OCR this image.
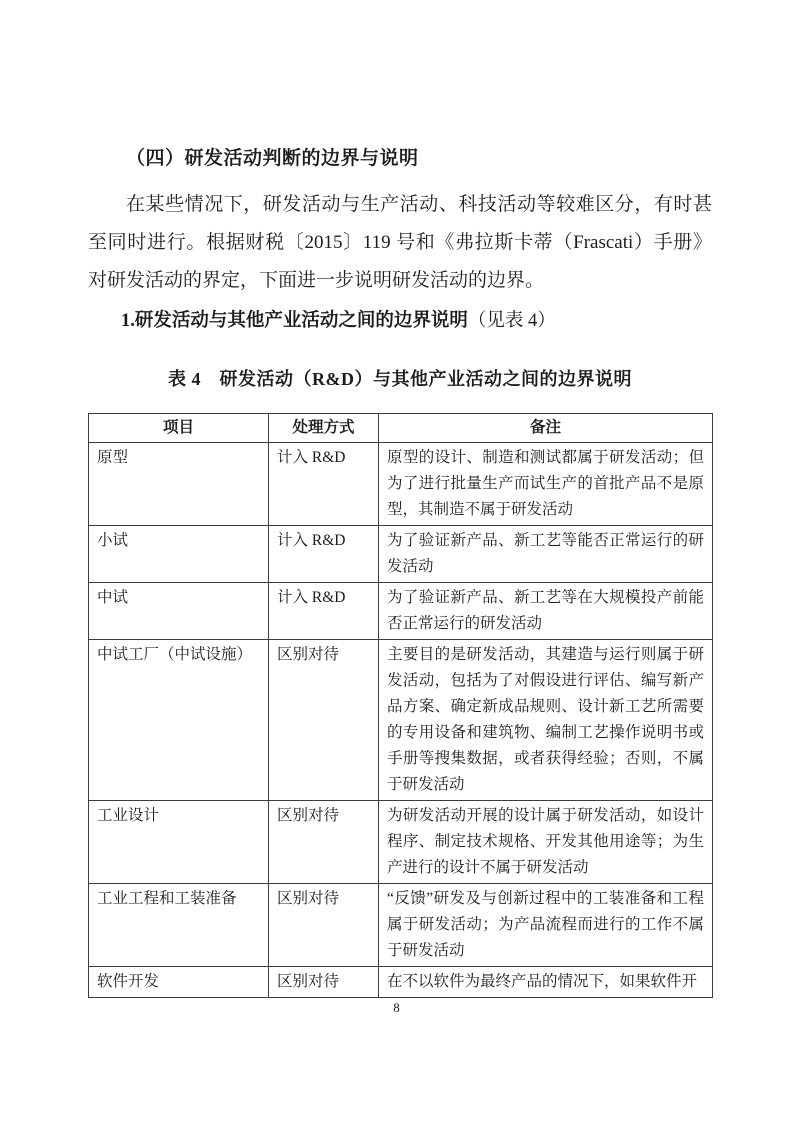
（四）研发活动判断的边界与说明

在某些情况下，研发活动与生产活动、科技活动等较难区分，有时甚至同时进行。根据财税〔2015〕119 号和《弗拉斯卡蒂（Frascati）手册》对研发活动的界定，下面进一步说明研发活动的边界。

1.研发活动与其他产业活动之间的边界说明（见表 4）

表 4　研发活动（R&D）与其他产业活动之间的边界说明
项目	处理方式	备注
原型	计入 R&D	原型的设计、制造和测试都属于研发活动；但为了进行批量生产而试生产的首批产品不是原型，其制造不属于研发活动
小试	计入 R&D	为了验证新产品、新工艺等能否正常运行的研发活动
中试	计入 R&D	为了验证新产品、新工艺等在大规模投产前能否正常运行的研发活动
中试工厂（中试设施）	区别对待	主要目的是研发活动，其建造与运行则属于研发活动，包括为了对假设进行评估、编写新产品方案、确定新成品规则、设计新工艺所需要的专用设备和建筑物、编制工艺操作说明书或手册等搜集数据，或者获得经验；否则，不属于研发活动
工业设计	区别对待	为研发活动开展的设计属于研发活动，如设计程序、制定技术规格、开发其他用途等；为生产进行的设计不属于研发活动
工业工程和工装准备	区别对待	“反馈”研发及与创新过程中的工装准备和工程属于研发活动；为产品流程而进行的工作不属于研发活动
软件开发	区别对待	在不以软件为最终产品的情况下，如果软件开
8
